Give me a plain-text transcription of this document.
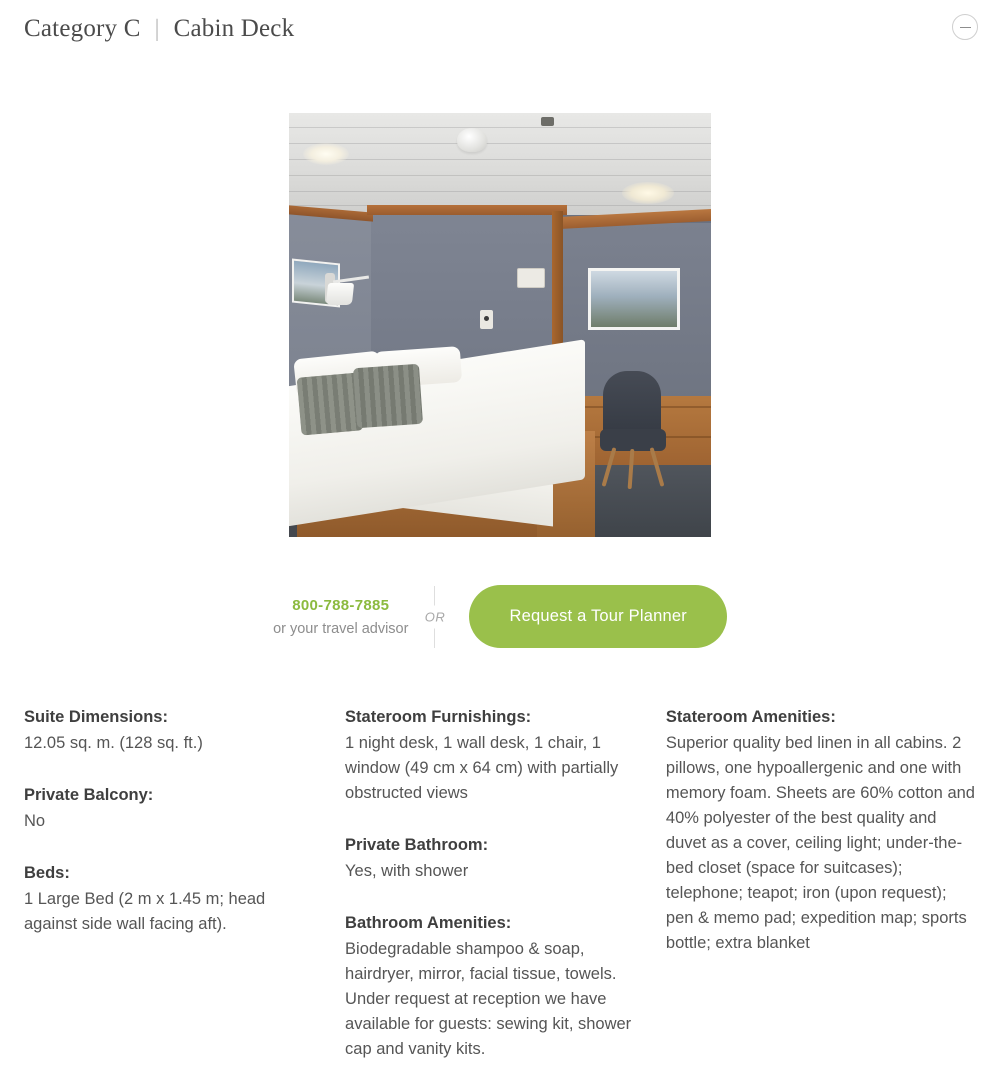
Category C | Cabin Deck
800-788-7885
or your travel advisor
OR	Request a Tour Planner
Suite Dimensions:
12.05 sq. m. (128 sq. ft.)
Private Balcony:
No
Beds:
1 Large Bed (2 m x 1.45 m; head against side wall facing aft).
Stateroom Furnishings:
1 night desk, 1 wall desk, 1 chair, 1 window (49 cm x 64 cm) with partially obstructed views
Private Bathroom:
Yes, with shower
Bathroom Amenities:
Biodegradable shampoo & soap, hairdryer, mirror, facial tissue, towels. Under request at reception we have available for guests: sewing kit, shower cap and vanity kits.
Stateroom Amenities:
Superior quality bed linen in all cabins. 2 pillows, one hypoallergenic and one with memory foam. Sheets are 60% cotton and 40% polyester of the best quality and duvet as a cover, ceiling light; under-the-bed closet (space for suitcases); telephone; teapot; iron (upon request); pen & memo pad; expedition map; sports bottle; extra blanket
